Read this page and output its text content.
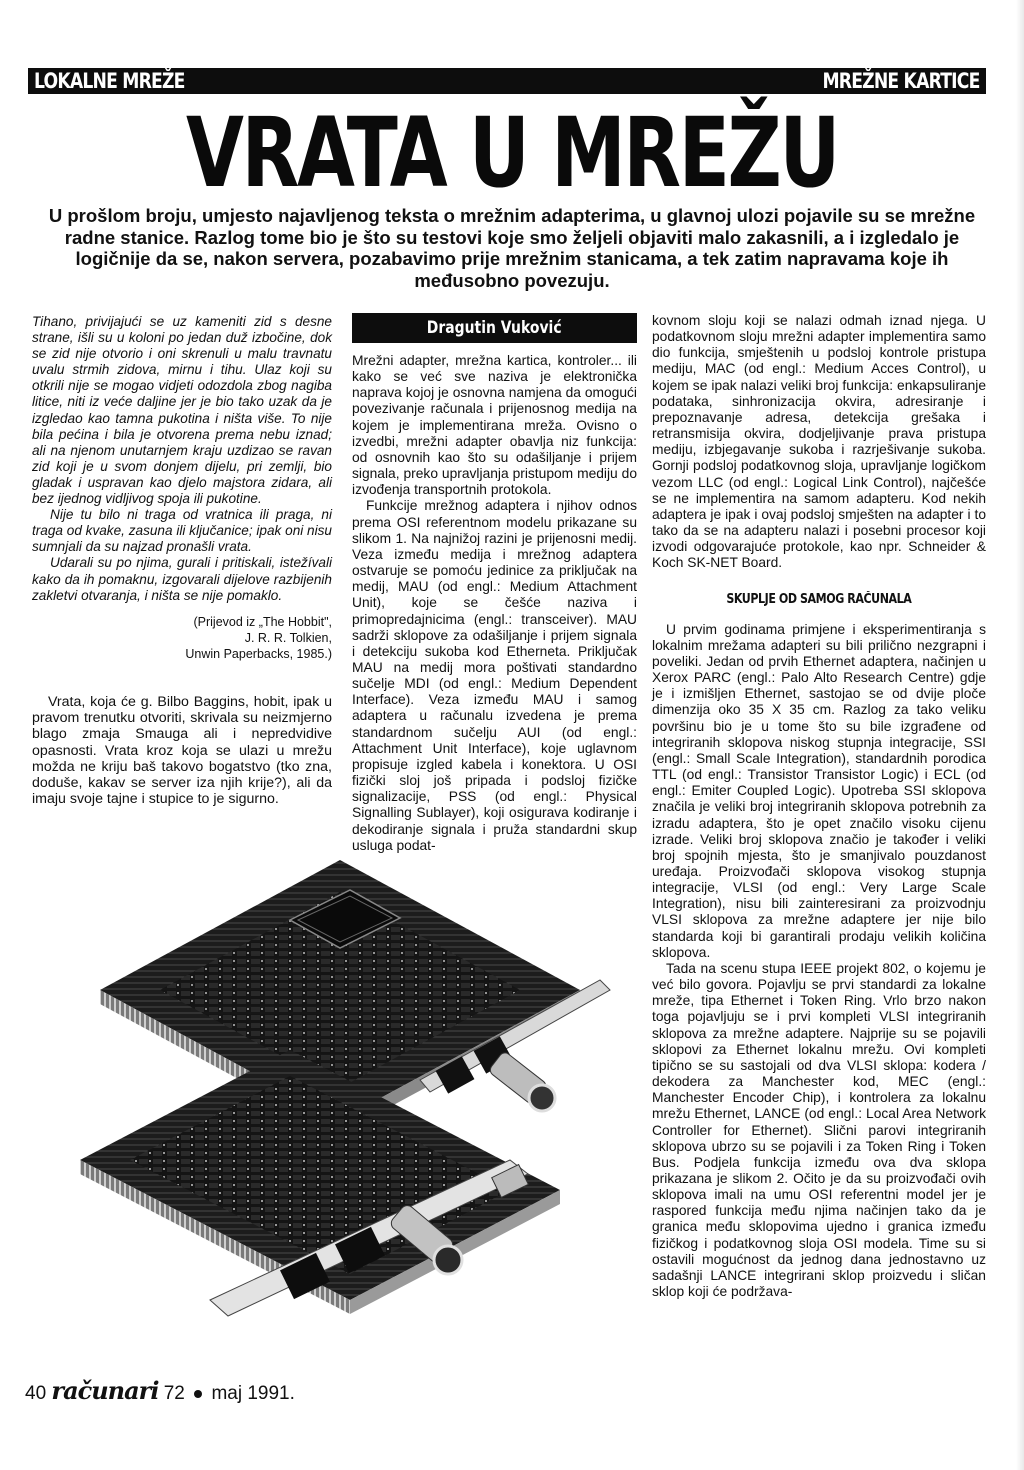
LOKALNE MREŽE	MREŽNE KARTICE
VRATA U MREŽU

U prošlom broju, umjesto najavljenog teksta o mrežnim adapterima, u glavnoj ulozi pojavile su se mrežne radne stanice. Razlog tome bio je što su testovi koje smo željeli objaviti malo zakasnili, a i izgledalo je logičnije da se, nakon servera, pozabavimo prije mrežnim stanicama, a tek zatim napravama koje ih međusobno povezuju.

Tihano, privijajući se uz kameniti zid s desne strane, išli su u koloni po jedan duž izbočine, dok se zid nije otvorio i oni skrenuli u malu travnatu uvalu strmih zidova, mirnu i tihu. Ulaz koji su otkrili nije se mogao vidjeti odozdola zbog nagiba litice, niti iz veće daljine jer je bio tako uzak da je izgledao kao tamna pukotina i ništa više. To nije bila pećina i bila je otvorena prema nebu iznad; ali na njenom unutarnjem kraju uzdizao se ravan zid koji je u svom donjem dijelu, pri zemlji, bio gladak i uspravan kao djelo majstora zidara, ali bez ijednog vidljivog spoja ili pukotine.

Nije tu bilo ni traga od vratnica ili praga, ni traga od kvake, zasuna ili ključanice; ipak oni nisu sumnjali da su najzad pronašli vrata.

Udarali su po njima, gurali i pritiskali, istežívali kako da ih pomaknu, izgovarali dijelove razbijenih zakletvi otvaranja, i ništa se nije pomaklo.

(Prijevod iz „The Hobbit",
J. R. R. Tolkien,
Unwin Paperbacks, 1985.)

Vrata, koja će g. Bilbo Baggins, hobit, ipak u pravom trenutku otvoriti, skrivala su neizmjerno blago zmaja Smauga ali i nepredvidive opasnosti. Vrata kroz koja se ulazi u mrežu možda ne kriju baš takovo bogatstvo (tko zna, doduše, kakav se server iza njih krije?), ali da imaju svoje tajne i stupice to je sigurno.

Dragutin Vuković

Mrežni adapter, mrežna kartica, kontroler... ili kako se već sve naziva je elektronička naprava kojoj je osnovna namjena da omogući povezivanje računala i prijenosnog medija na kojem je implementirana mreža. Ovisno o izvedbi, mrežni adapter obavlja niz funkcija: od osnovnih kao što su odašiljanje i prijem signala, preko upravljanja pristupom mediju do izvođenja transportnih protokola.

Funkcije mrežnog adaptera i njihov odnos prema OSI referentnom modelu prikazane su slikom 1. Na najnižoj razini je prijenosni medij. Veza između medija i mrežnog adaptera ostvaruje se pomoću jedinice za priključak na medij, MAU (od engl.: Medium Attachment Unit), koje se češće naziva i primopredajnicima (engl.: transceiver). MAU sadrži sklopove za odašiljanje i prijem signala i detekciju sukoba kod Etherneta. Priključak MAU na medij mora poštivati standardno sučelje MDI (od engl.: Medium Dependent Interface). Veza između MAU i samog adaptera u računalu izvedena je prema standardnom sučelju AUI (od engl.: Attachment Unit Interface), koje uglavnom propisuje izgled kabela i konektora. U OSI fizički sloj još pripada i podsloj fizičke signalizacije, PSS (od engl.: Physical Signalling Sublayer), koji osigurava kodiranje i dekodiranje signala i pruža standardni skup usluga podat-

kovnom sloju koji se nalazi odmah iznad njega. U podatkovnom sloju mrežni adapter implementira samo dio funkcija, smještenih u podsloj kontrole pristupa mediju, MAC (od engl.: Medium Acces Control), u kojem se ipak nalazi veliki broj funkcija: enkapsuliranje podataka, sinhronizacija okvira, adresiranje i prepoznavanje adresa, detekcija grešaka i retransmisija okvira, dodjeljivanje prava pristupa mediju, izbjegavanje sukoba i razrješivanje sukoba. Gornji podsloj podatkovnog sloja, upravljanje logičkom vezom LLC (od engl.: Logical Link Control), najčešće se ne implementira na samom adapteru. Kod nekih adaptera je ipak i ovaj podsloj smješten na adapter i to tako da se na adapteru nalazi i posebni procesor koji izvodi odgovarajuće protokole, kao npr. Schneider & Koch SK-NET Board.

SKUPLJE OD SAMOG RAČUNALA

U prvim godinama primjene i eksperimentiranja s lokalnim mrežama adapteri su bili prilično nezgrapni i poveliki. Jedan od prvih Ethernet adaptera, načinjen u Xerox PARC (engl.: Palo Alto Research Centre) gdje je i izmišljen Ethernet, sastojao se od dvije ploče dimenzija oko 35 X 35 cm. Razlog za tako veliku površinu bio je u tome što su bile izgrađene od integriranih sklopova niskog stupnja integracije, SSI (engl.: Small Scale Integration), standardnih porodica TTL (od engl.: Transistor Transistor Logic) i ECL (od engl.: Emiter Coupled Logic). Upotreba SSI sklopova značila je veliki broj integriranih sklopova potrebnih za izradu adaptera, što je opet značilo visoku cijenu izrade. Veliki broj sklopova značio je također i veliki broj spojnih mjesta, što je smanjivalo pouzdanost uređaja. Proizvođači sklopova visokog stupnja integracije, VLSI (od engl.: Very Large Scale Integration), nisu bili zainteresirani za proizvodnju VLSI sklopova za mrežne adaptere jer nije bilo standarda koji bi garantirali prodaju velikih količina sklopova.

Tada na scenu stupa IEEE projekt 802, o kojemu je već bilo govora. Pojavlju se prvi standardi za lokalne mreže, tipa Ethernet i Token Ring. Vrlo brzo nakon toga pojavljuju se i prvi kompleti VLSI integriranih sklopova za mrežne adaptere. Najprije su se pojavili sklopovi za Ethernet lokalnu mrežu. Ovi kompleti tipično se su sastojali od dva VLSI sklopa: kodera / dekodera za Manchester kod, MEC (engl.: Manchester Encoder Chip), i kontrolera za lokalnu mrežu Ethernet, LANCE (od engl.: Local Area Network Controller for Ethernet). Slični parovi integriranih sklopova ubrzo su se pojavili i za Token Ring i Token Bus. Podjela funkcija između ova dva sklopa prikazana je slikom 2. Očito je da su proizvođači ovih sklopova imali na umu OSI referentni model jer je raspored funkcija među njima načinjen tako da je granica među sklopovima ujedno i granica između fizičkog i podatkovnog sloja OSI modela. Time su si ostavili mogućnost da jednog dana jednostavno uz sadašnji LANCE integrirani sklop proizvedu i sličan sklop koji će podržava-

40 računari 72 maj 1991.
